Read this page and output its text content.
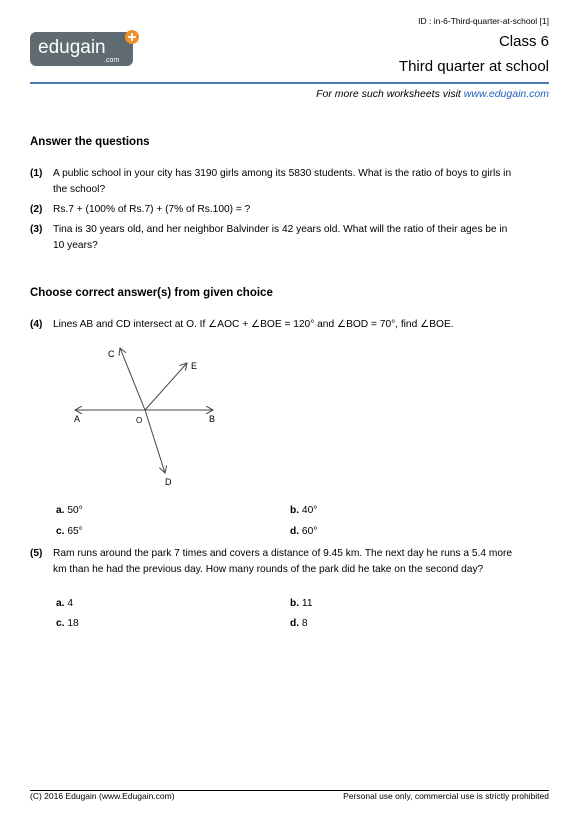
ID : in-6-Third-quarter-at-school [1]
edugain
.com
Class 6
Third quarter at school
For more such worksheets visit www.edugain.com
Answer the questions
(1) A public school in your city has 3190 girls among its 5830 students. What is the ratio of boys to girls in the school?
(2) Rs.7 + (100% of Rs.7) + (7% of Rs.100) = ?
(3) Tina is 30 years old, and her neighbor Balvinder is 42 years old. What will the ratio of their ages be in 10 years?
Choose correct answer(s) from given choice
(4) Lines AB and CD intersect at O. If ∠AOC + ∠BOE = 120° and ∠BOD = 70°, find ∠BOE.
C
E
A	O	B
D
a. 50°	b. 40°
c. 65°	d. 60°
(5) Ram runs around the park 7 times and covers a distance of 9.45 km. The next day he runs a 5.4 more km than he had the previous day. How many rounds of the park did he take on the second day?
a. 4	b. 11
c. 18	d. 8
(C) 2016 Edugain (www.Edugain.com)	Personal use only, commercial use is strictly prohibited
